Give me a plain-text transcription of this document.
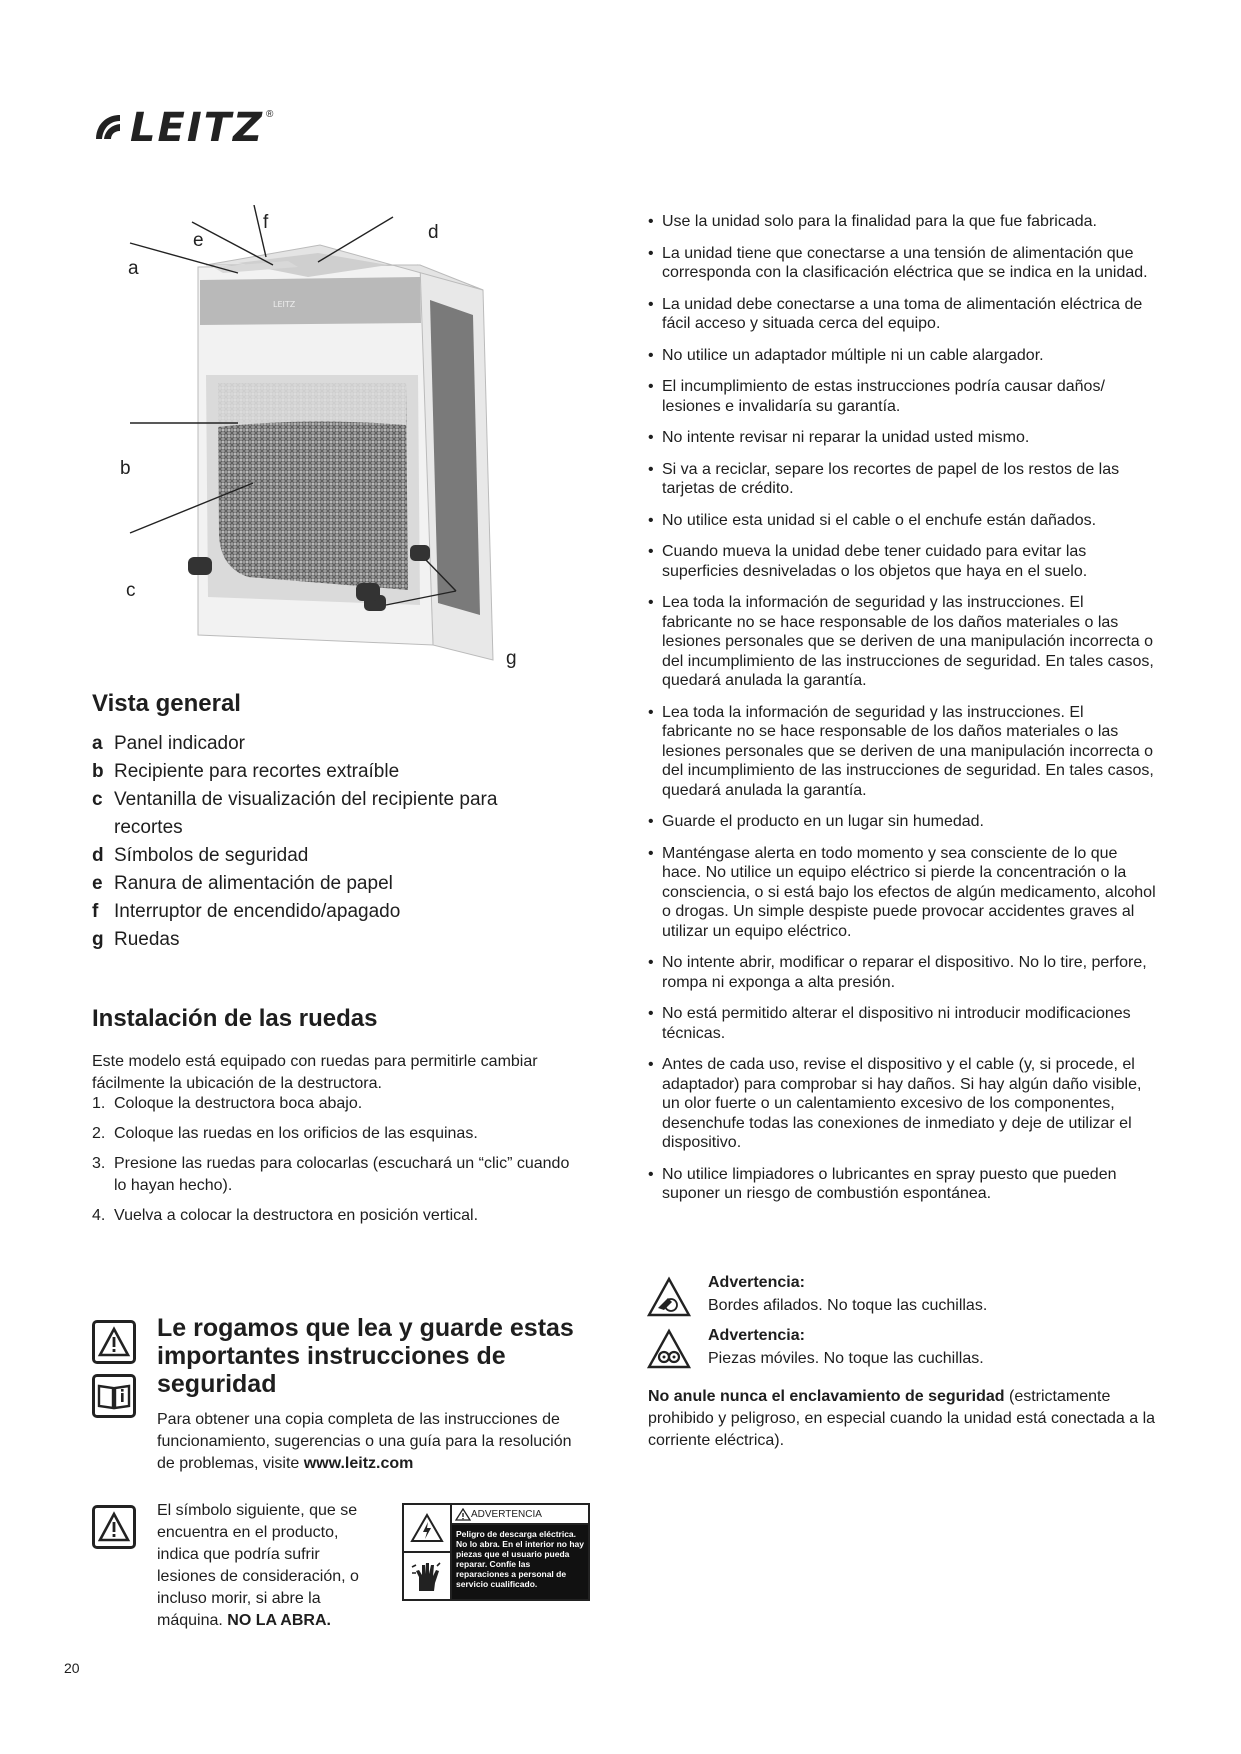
LEITZ ®
LEITZ
a
e
f	d
b
c
g
Vista general
a Panel indicador
b Recipiente para recortes extraíble
c Ventanilla de visualización del recipiente para recortes
d Símbolos de seguridad
e Ranura de alimentación de papel
f Interruptor de encendido/apagado
g Ruedas
Instalación de las ruedas

Este modelo está equipado con ruedas para permitirle cambiar fácilmente la ubicación de la destructora.

1. Coloque la destructora boca abajo.
2. Coloque las ruedas en los orificios de las esquinas.
3. Presione las ruedas para colocarlas (escuchará un “clic” cuando lo hayan hecho).
4. Vuelva a colocar la destructora en posición vertical.
Le rogamos que lea y guarde estas importantes instrucciones de seguridad

Para obtener una copia completa de las instrucciones de funcionamiento, sugerencias o una guía para la resolución de problemas, visite www.leitz.com

El símbolo siguiente, que se encuentra en el producto, indica que podría sufrir lesiones de consideración, o incluso morir, si abre la máquina. NO LA ABRA.

ADVERTENCIA
Peligro de descarga eléctrica. No lo abra. En el interior no hay piezas que el usuario pueda reparar. Confíe las reparaciones a personal de servicio cualificado.
20
• Use la unidad solo para la finalidad para la que fue fabricada.
• La unidad tiene que conectarse a una tensión de alimentación que corresponda con la clasificación eléctrica que se indica en la unidad.
• La unidad debe conectarse a una toma de alimentación eléctrica de fácil acceso y situada cerca del equipo.
• No utilice un adaptador múltiple ni un cable alargador.
• El incumplimiento de estas instrucciones podría causar daños/ lesiones e invalidaría su garantía.
• No intente revisar ni reparar la unidad usted mismo.
• Si va a reciclar, separe los recortes de papel de los restos de las tarjetas de crédito.
• No utilice esta unidad si el cable o el enchufe están dañados.
• Cuando mueva la unidad debe tener cuidado para evitar las superficies desniveladas o los objetos que haya en el suelo.
• Lea toda la información de seguridad y las instrucciones. El fabricante no se hace responsable de los daños materiales o las lesiones personales que se deriven de una manipulación incorrecta o del incumplimiento de las instrucciones de seguridad. En tales casos, quedará anulada la garantía.
• Lea toda la información de seguridad y las instrucciones. El fabricante no se hace responsable de los daños materiales o las lesiones personales que se deriven de una manipulación incorrecta o del incumplimiento de las instrucciones de seguridad. En tales casos, quedará anulada la garantía.
• Guarde el producto en un lugar sin humedad.
• Manténgase alerta en todo momento y sea consciente de lo que hace. No utilice un equipo eléctrico si pierde la concentración o la consciencia, o si está bajo los efectos de algún medicamento, alcohol o drogas. Un simple despiste puede provocar accidentes graves al utilizar un equipo eléctrico.
• No intente abrir, modificar o reparar el dispositivo. No lo tire, perfore, rompa ni exponga a alta presión.
• No está permitido alterar el dispositivo ni introducir modificaciones técnicas.
• Antes de cada uso, revise el dispositivo y el cable (y, si procede, el adaptador) para comprobar si hay daños. Si hay algún daño visible, un olor fuerte o un calentamiento excesivo de los componentes, desenchufe todas las conexiones de inmediato y deje de utilizar el dispositivo.
• No utilice limpiadores o lubricantes en spray puesto que pueden suponer un riesgo de combustión espontánea.
Advertencia:
Bordes afilados. No toque las cuchillas.
Advertencia:
Piezas móviles. No toque las cuchillas.

No anule nunca el enclavamiento de seguridad (estrictamente prohibido y peligroso, en especial cuando la unidad está conectada a la corriente eléctrica).
